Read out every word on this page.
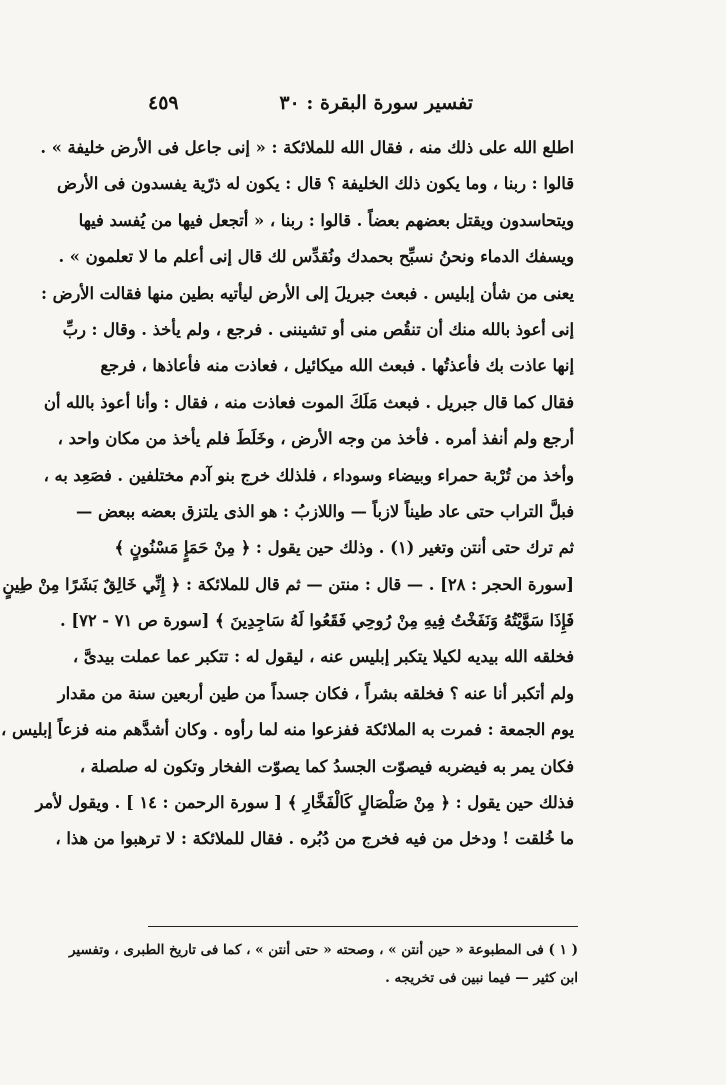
تفسير سورة البقرة : ٣٠
٤٥٩
اطلع الله على ذلك منه ، فقال الله للملائكة : « إنى جاعل فى الأرض خليفة » .
قالوا : ربنا ، وما يكون ذلك الخليفة ؟ قال : يكون له ذرّية يفسدون فى الأرض
ويتحاسدون ويقتل بعضهم بعضاً . قالوا : ربنا ، « أتجعل فيها من يُفسد فيها
ويسفك الدماء ونحنُ نسبِّح بحمدك ونُقدِّس لك قال إنى أعلم ما لا تعلمون » .
يعنى من شأن إبليس . فبعث جبريلَ إلى الأرض ليأتيه بطين منها فقالت الأرض :
إنى أعوذ بالله منك أن تنقُص منى أو تشيننى . فرجع ، ولم يأخذ . وقال : ربِّ
إنها عاذت بك فأعذتُها . فبعث الله ميكائيل ، فعاذت منه فأعاذها ، فرجع
فقال كما قال جبريل . فبعث مَلَكَ الموت فعاذت منه ، فقال : وأنا أعوذ بالله أن
أرجع ولم أنفذ أمره . فأخذ من وجه الأرض ، وخَلَطَ فلم يأخذ من مكان واحد ،
وأخذ من تُرْبة حمراء وبيضاء وسوداء ، فلذلك خرج بنو آدم مختلفين . فصَعِد به ،
فبلَّ التراب حتى عاد طيناً لازباً — واللازبُ : هو الذى يلتزق بعضه ببعض —
ثم ترك حتى أنتن وتغير (١) . وذلك حين يقول : ﴿ مِنْ حَمَإٍ مَسْنُونٍ ﴾
[سورة الحجر : ٢٨] . — قال : منتن — ثم قال للملائكة : ﴿ إِنِّي خَالِقٌ بَشَرًا مِنْ طِينٍ
فَإِذَا سَوَّيْتُهُ وَنَفَخْتُ فِيهِ مِنْ رُوحِي فَقَعُوا لَهُ سَاجِدِينَ ﴾ [سورة ص ٧١ - ٧٢] .
فخلقه الله بيديه لكيلا يتكبر إبليس عنه ، ليقول له : تتكبر عما عملت بيدىَّ ،
ولم أتكبر أنا عنه ؟ فخلقه بشراً ، فكان جسداً من طين أربعين سنة من مقدار
يوم الجمعة : فمرت به الملائكة ففزعوا منه لما رأوه . وكان أشدَّهم منه فزعاً إبليس ،
فكان يمر به فيضربه فيصوّت الجسدُ كما يصوّت الفخار وتكون له صلصلة ،
فذلك حين يقول : ﴿ مِنْ صَلْصَالٍ كَالْفَخَّارِ ﴾ [ سورة الرحمن : ١٤ ] . ويقول لأمر
ما خُلقت ! ودخل من فيه فخرج من دُبُره . فقال للملائكة : لا ترهبوا من هذا ،
( ١ ) فى المطبوعة « حين أنتن » ، وصحته « حتى أنتن » ، كما فى تاريخ الطبرى ، وتفسير
ابن كثير — فيما نبين فى تخريجه .
